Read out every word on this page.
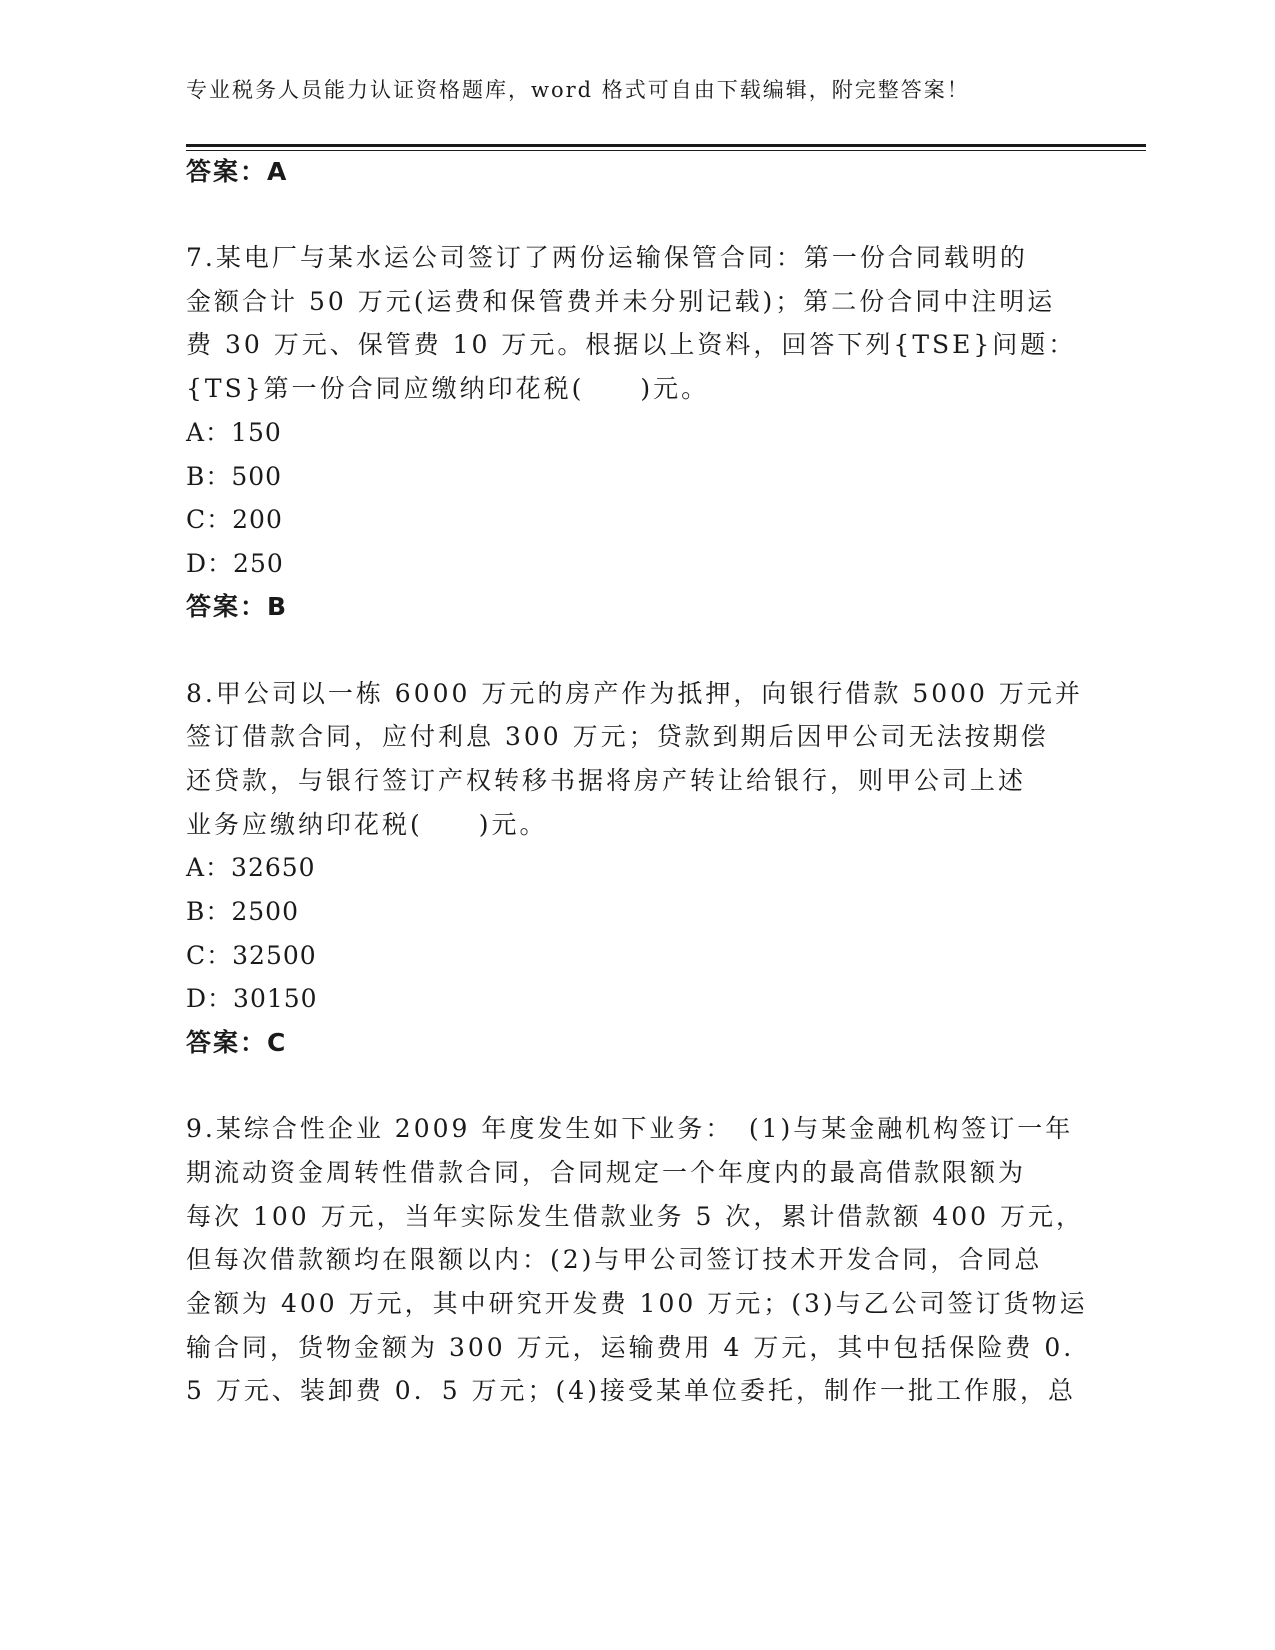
专业税务人员能力认证资格题库，word 格式可自由下载编辑，附完整答案！
答案：A
7.某电厂与某水运公司签订了两份运输保管合同：第一份合同载明的
金额合计 50 万元(运费和保管费并未分别记载)；第二份合同中注明运
费 30 万元、保管费 10 万元。根据以上资料，回答下列{TSE}问题：
{TS}第一份合同应缴纳印花税(　　)元。
A：150
B：500
C：200
D：250
答案：B
8.甲公司以一栋 6000 万元的房产作为抵押，向银行借款 5000 万元并
签订借款合同，应付利息 300 万元；贷款到期后因甲公司无法按期偿
还贷款，与银行签订产权转移书据将房产转让给银行，则甲公司上述
业务应缴纳印花税(　　)元。
A：32650
B：2500
C：32500
D：30150
答案：C
9.某综合性企业 2009 年度发生如下业务：　(1)与某金融机构签订一年
期流动资金周转性借款合同，合同规定一个年度内的最高借款限额为
每次 100 万元，当年实际发生借款业务 5 次，累计借款额 400 万元，
但每次借款额均在限额以内：(2)与甲公司签订技术开发合同，合同总
金额为 400 万元，其中研究开发费 100 万元；(3)与乙公司签订货物运
输合同，货物金额为 300 万元，运输费用 4 万元，其中包括保险费 0.
5 万元、装卸费 0．5 万元；(4)接受某单位委托，制作一批工作服，总
